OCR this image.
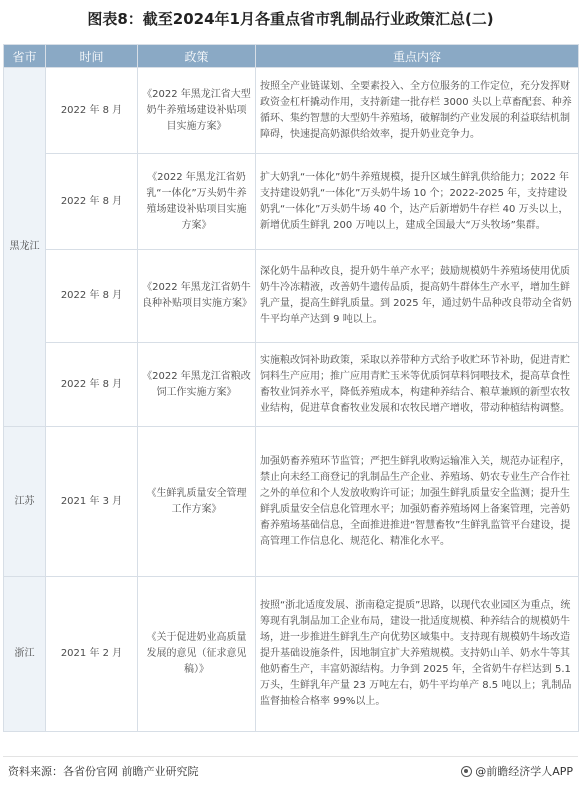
图表8：截至2024年1月各重点省市乳制品行业政策汇总(二)
省市	时间	政策	重点内容
黑龙江	2022 年 8 月	《2022 年黑龙江省大型奶牛养殖场建设补贴项目实施方案》	按照全产业链谋划、全要素投入、全方位服务的工作定位，充分发挥财政资金杠杆撬动作用，支持新建一批存栏 3000 头以上草畜配套、种养循环、集约智慧的大型奶牛养殖场，破解制约产业发展的利益联结机制障碍，快速提高奶源供给效率，提升奶业竞争力。
	2022 年 8 月	《2022 年黑龙江省奶乳“一体化”万头奶牛养殖场建设补贴项目实施方案》	扩大奶乳“一体化”奶牛养殖规模，提升区域生鲜乳供给能力；2022 年支持建设奶乳“一体化”万头奶牛场 10 个；2022-2025 年，支持建设奶乳“一体化”万头奶牛场 40 个，达产后新增奶牛存栏 40 万头以上，新增优质生鲜乳 200 万吨以上，建成全国最大“万头牧场”集群。
	2022 年 8 月	《2022 年黑龙江省奶牛良种补贴项目实施方案》	深化奶牛品种改良，提升奶牛单产水平；鼓励规模奶牛养殖场使用优质奶牛冷冻精液，改善奶牛遗传品质，提高奶牛群体生产水平，增加生鲜乳产量，提高生鲜乳质量。到 2025 年，通过奶牛品种改良带动全省奶牛平均单产达到 9 吨以上。
	2022 年 8 月	《2022 年黑龙江省粮改饲工作实施方案》	实施粮改饲补助政策，采取以养带种方式给予收贮环节补助，促进青贮饲料生产应用；推广应用青贮玉米等优质饲草料饲喂技术，提高草食性畜牧业饲养水平，降低养殖成本，构建种养结合、粮草兼顾的新型农牧业结构，促进草食畜牧业发展和农牧民增产增收，带动种植结构调整。
江苏	2021 年 3 月	《生鲜乳质量安全管理工作方案》	加强奶畜养殖环节监管；严把生鲜乳收购运输准入关，规范办证程序，禁止向未经工商登记的乳制品生产企业、养殖场、奶农专业生产合作社之外的单位和个人发放收购许可证；加强生鲜乳质量安全监测；提升生鲜乳质量安全信息化管理水平；加强奶畜养殖场网上备案管理，完善奶畜养殖场基础信息，全面推进推进“智慧畜牧”生鲜乳监管平台建设，提高管理工作信息化、规范化、精准化水平。
浙江	2021 年 2 月	《关于促进奶业高质量发展的意见（征求意见稿）》	按照“浙北适度发展、浙南稳定提质”思路，以现代农业园区为重点，统筹现有乳制品加工企业布局，建设一批适度规模、种养结合的规模奶牛场，进一步推进生鲜乳生产向优势区域集中。支持现有规模奶牛场改造提升基础设施条件，因地制宜扩大养殖规模。支持奶山羊、奶水牛等其他奶畜生产，丰富奶源结构。力争到 2025 年，全省奶牛存栏达到 5.1 万头，生鲜乳年产量 23 万吨左右，奶牛平均单产 8.5 吨以上；乳制品监督抽检合格率 99%以上。
资料来源：各省份官网 前瞻产业研究院	@前瞻经济学人APP
